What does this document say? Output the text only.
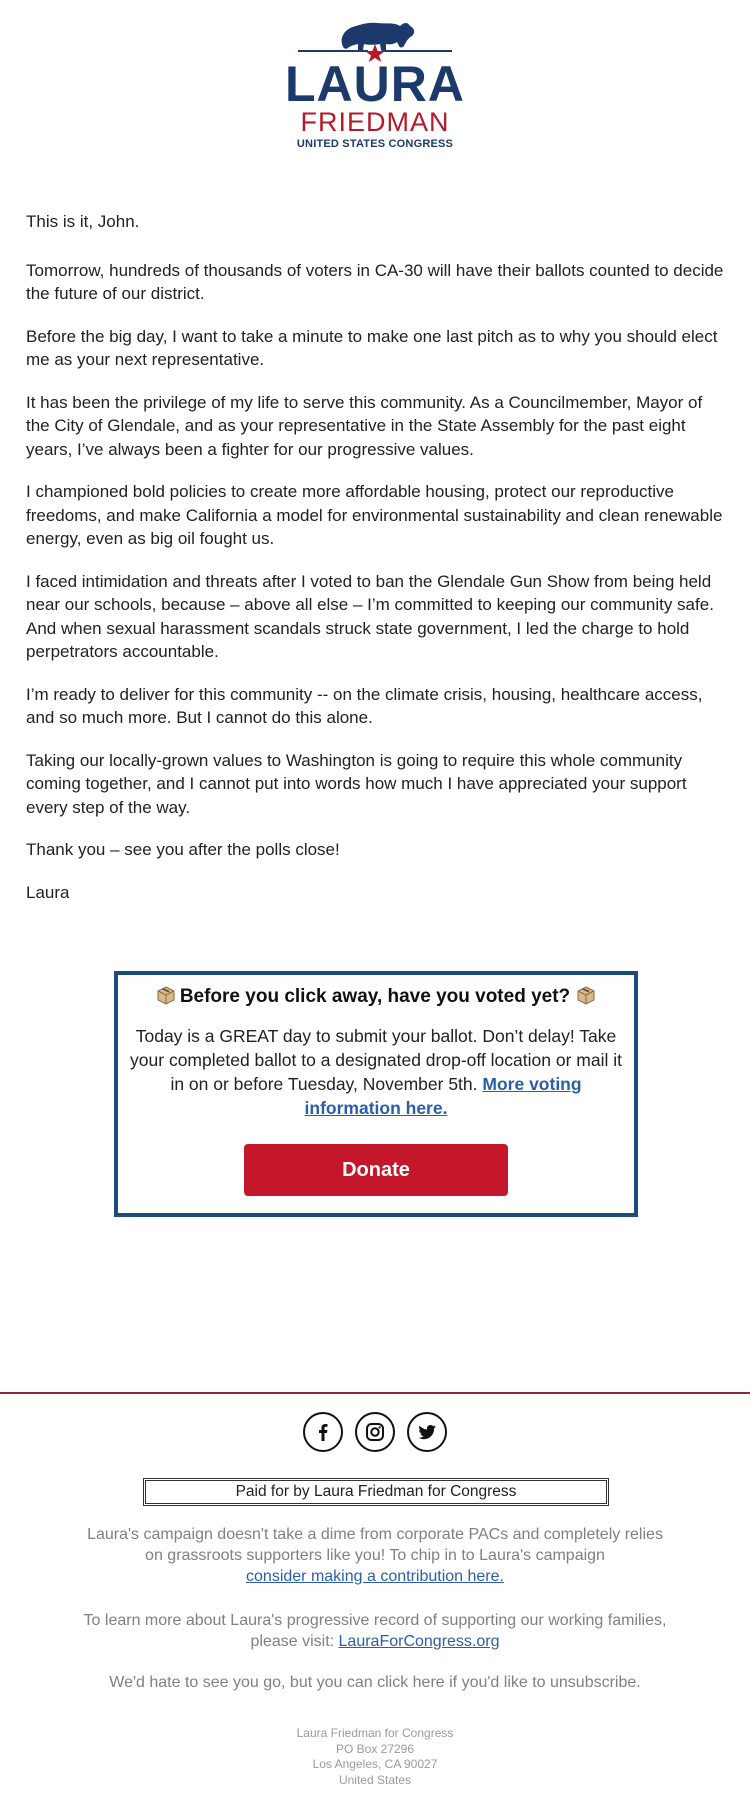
LAURA
FRIEDMAN
UNITED STATES CONGRESS

This is it, John.

Tomorrow, hundreds of thousands of voters in CA-30 will have their ballots counted to decide the future of our district.

Before the big day, I want to take a minute to make one last pitch as to why you should elect me as your next representative.

It has been the privilege of my life to serve this community. As a Councilmember, Mayor of the City of Glendale, and as your representative in the State Assembly for the past eight years, I’ve always been a fighter for our progressive values.

I championed bold policies to create more affordable housing, protect our reproductive freedoms, and make California a model for environmental sustainability and clean renewable energy, even as big oil fought us.

I faced intimidation and threats after I voted to ban the Glendale Gun Show from being held near our schools, because – above all else – I’m committed to keeping our community safe. And when sexual harassment scandals struck state government, I led the charge to hold perpetrators accountable.

I’m ready to deliver for this community -- on the climate crisis, housing, healthcare access, and so much more. But I cannot do this alone.

Taking our locally-grown values to Washington is going to require this whole community coming together, and I cannot put into words how much I have appreciated your support every step of the way.

Thank you – see you after the polls close!

Laura

Before you click away, have you voted yet?
Today is a GREAT day to submit your ballot. Don’t delay! Take your completed ballot to a designated drop-off location or mail it in on or before Tuesday, November 5th. More voting information here.
Donate
Paid for by Laura Friedman for Congress
Laura's campaign doesn't take a dime from corporate PACs and completely relies on grassroots supporters like you! To chip in to Laura's campaign
consider making a contribution here.
To learn more about Laura's progressive record of supporting our working families, please visit: LauraForCongress.org
We'd hate to see you go, but you can click here if you'd like to unsubscribe.
Laura Friedman for Congress
PO Box 27296
Los Angeles, CA 90027
United States
